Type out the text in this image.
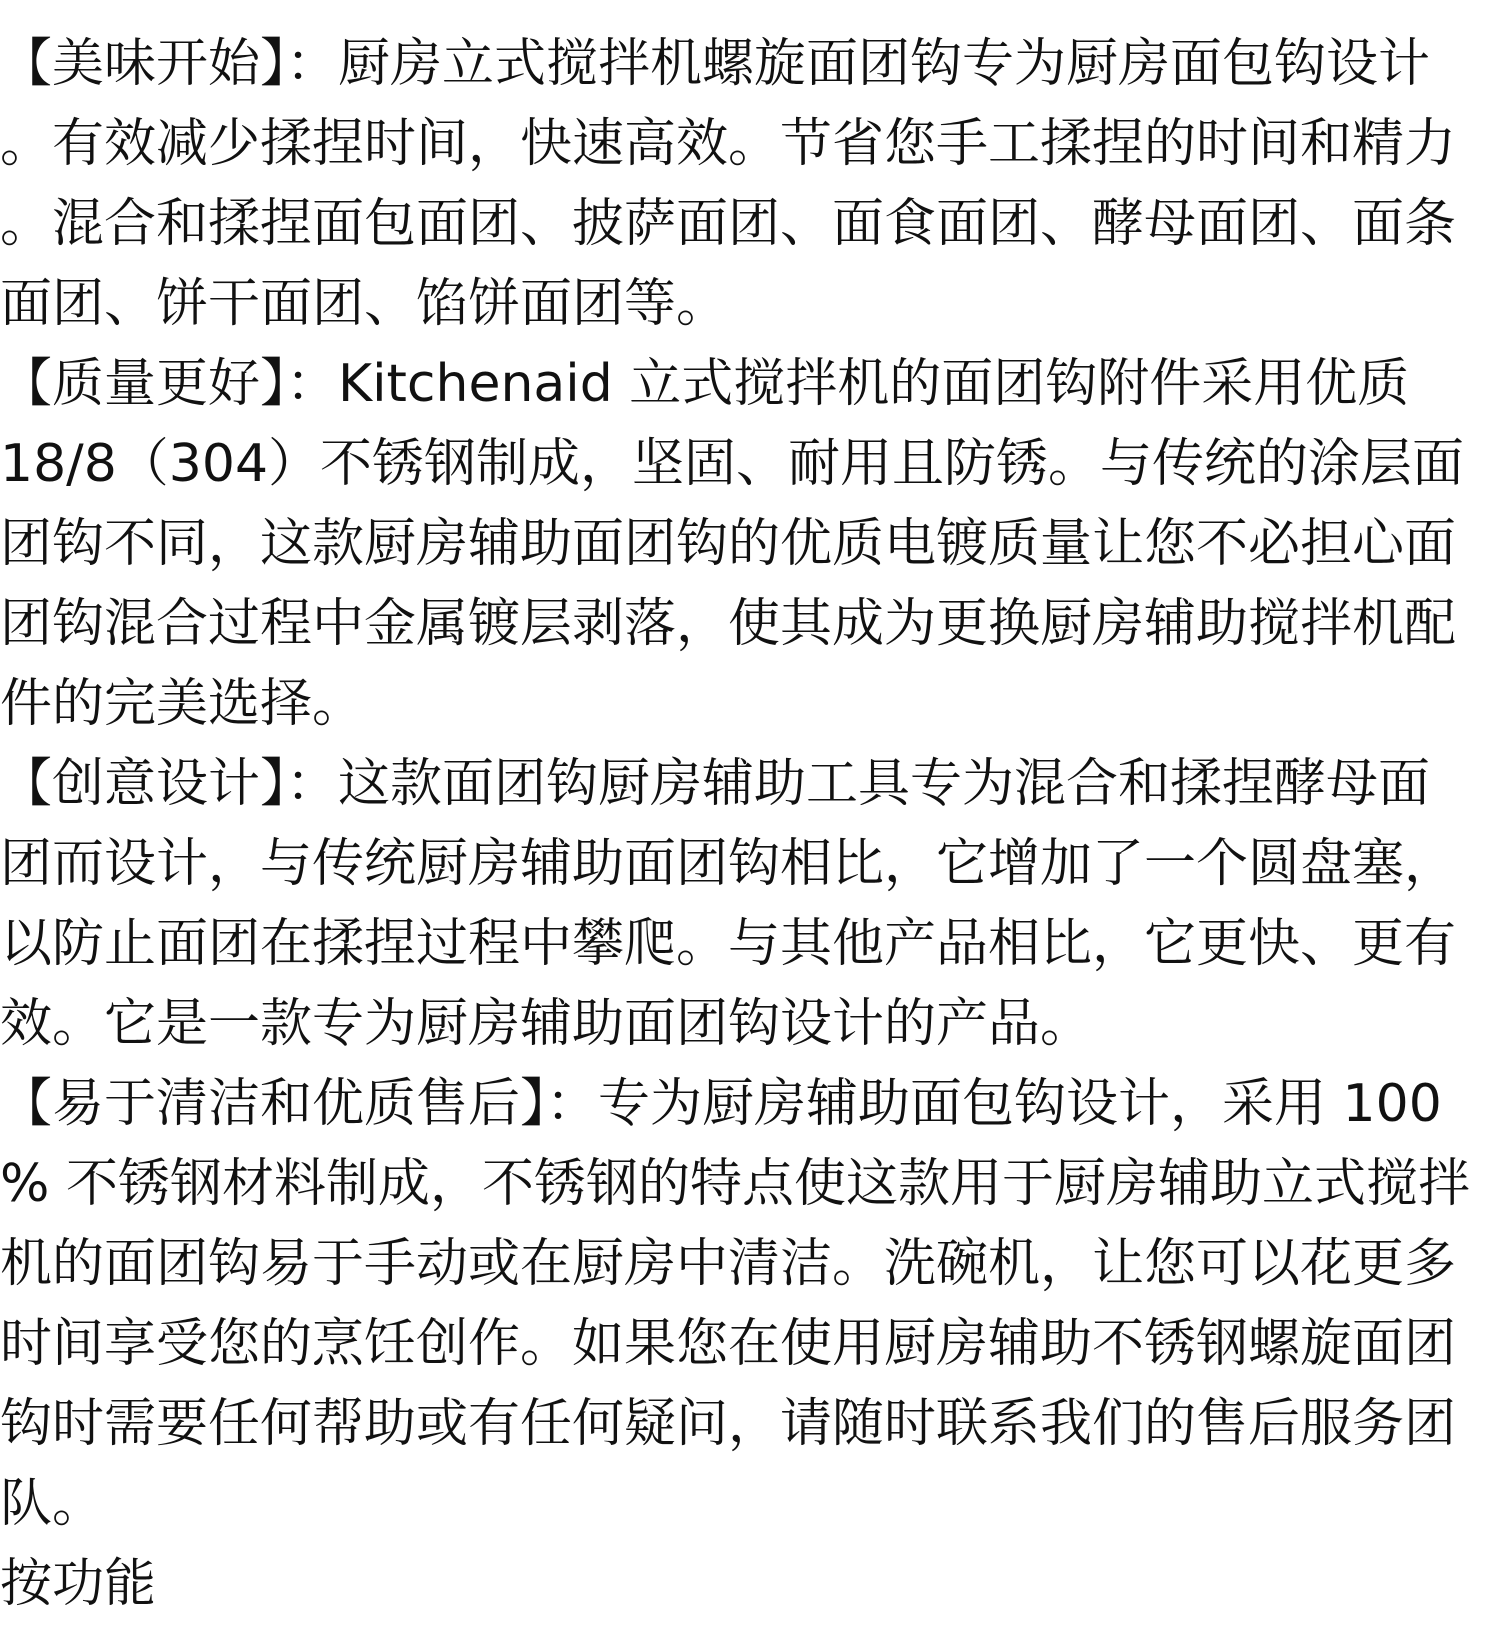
【美味开始】：厨房立式搅拌机螺旋面团钩专为厨房面包钩设计

。有效减少揉捏时间，快速高效。节省您手工揉捏的时间和精力

。混合和揉捏面包面团、披萨面团、面食面团、酵母面团、面条

面团、饼干面团、馅饼面团等。

【质量更好】：Kitchenaid 立式搅拌机的面团钩附件采用优质

18/8（304）不锈钢制成，坚固、耐用且防锈。与传统的涂层面

团钩不同，这款厨房辅助面团钩的优质电镀质量让您不必担心面

团钩混合过程中金属镀层剥落，使其成为更换厨房辅助搅拌机配

件的完美选择。

【创意设计】：这款面团钩厨房辅助工具专为混合和揉捏酵母面

团而设计，与传统厨房辅助面团钩相比，它增加了一个圆盘塞，

以防止面团在揉捏过程中攀爬。与其他产品相比，它更快、更有

效。它是一款专为厨房辅助面团钩设计的产品。

【易于清洁和优质售后】：专为厨房辅助面包钩设计，采用 100

% 不锈钢材料制成，不锈钢的特点使这款用于厨房辅助立式搅拌

机的面团钩易于手动或在厨房中清洁。洗碗机，让您可以花更多

时间享受您的烹饪创作。如果您在使用厨房辅助不锈钢螺旋面团

钩时需要任何帮助或有任何疑问，请随时联系我们的售后服务团

队。

按功能
